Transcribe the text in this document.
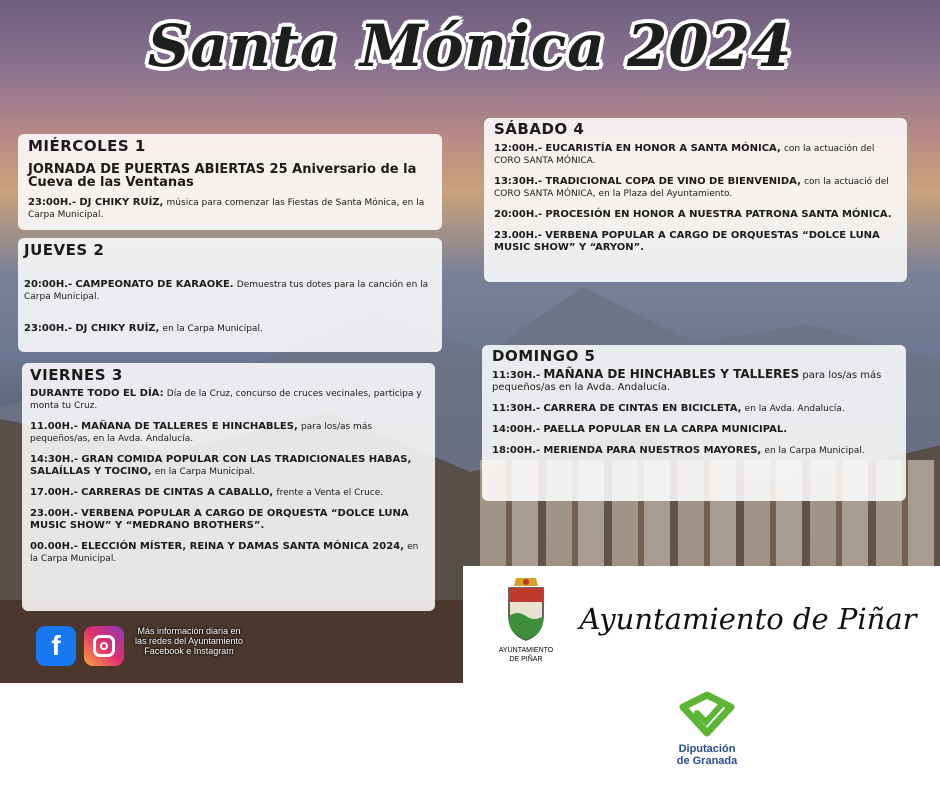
Santa Mónica 2024
MIÉRCOLES 1
JORNADA DE PUERTAS ABIERTAS 25 Aniversario de la Cueva de las Ventanas
23:00H.- DJ CHIKY RUÍZ, música para comenzar las Fiestas de Santa Mónica, en la Carpa Municipal.
JUEVES 2
20:00H.- CAMPEONATO DE KARAOKE. Demuestra tus dotes para la canción en la Carpa Municipal.
23:00H.- DJ CHIKY RUÍZ, en la Carpa Municipal.
VIERNES 3
DURANTE TODO EL DÍA: Día de la Cruz, concurso de cruces vecinales, participa y monta tu Cruz.
11.00H.- MAÑANA DE TALLERES E HINCHABLES, para los/as más pequeños/as, en la Avda. Andalucía.
14:30H.- GRAN COMIDA POPULAR CON LAS TRADICIONALES HABAS, SALAÍLLAS Y TOCINO, en la Carpa Municipal.
17.00H.- CARRERAS DE CINTAS A CABALLO, frente a Venta el Cruce.
23.00H.- VERBENA POPULAR A CARGO DE ORQUESTA “DOLCE LUNA MUSIC SHOW” Y “MEDRANO BROTHERS”.
00.00H.- ELECCIÓN MÍSTER, REINA Y DAMAS SANTA MÓNICA 2024, en la Carpa Municipal.
SÁBADO 4
12:00H.- EUCARISTÍA EN HONOR A SANTA MÓNICA, con la actuación del CORO SANTA MÓNICA.
13:30H.- TRADICIONAL COPA DE VINO DE BIENVENIDA, con la actuació del CORO SANTA MÓNICA, en la Plaza del Ayuntamiento.
20:00H.- PROCESIÓN EN HONOR A NUESTRA PATRONA SANTA MÓNICA.
23.00H.- VERBENA POPULAR A CARGO DE ORQUESTAS “DOLCE LUNA MUSIC SHOW” Y “ARYON”.
DOMINGO 5
11:30H.- MAÑANA DE HINCHABLES Y TALLERES para los/as más pequeños/as en la Avda. Andalucía.
11:30H.- CARRERA DE CINTAS EN BICICLETA, en la Avda. Andalucía.
14:00H.- PAELLA POPULAR EN LA CARPA MUNICIPAL.
18:00H.- MERIENDA PARA NUESTROS MAYORES, en la Carpa Municipal.
f	Más información diaria en las redes del Ayuntamiento Facebook e Instagram	AYUNTAMIENTO
DE PIÑAR
Ayuntamiento de Piñar
Diputación
de Granada
